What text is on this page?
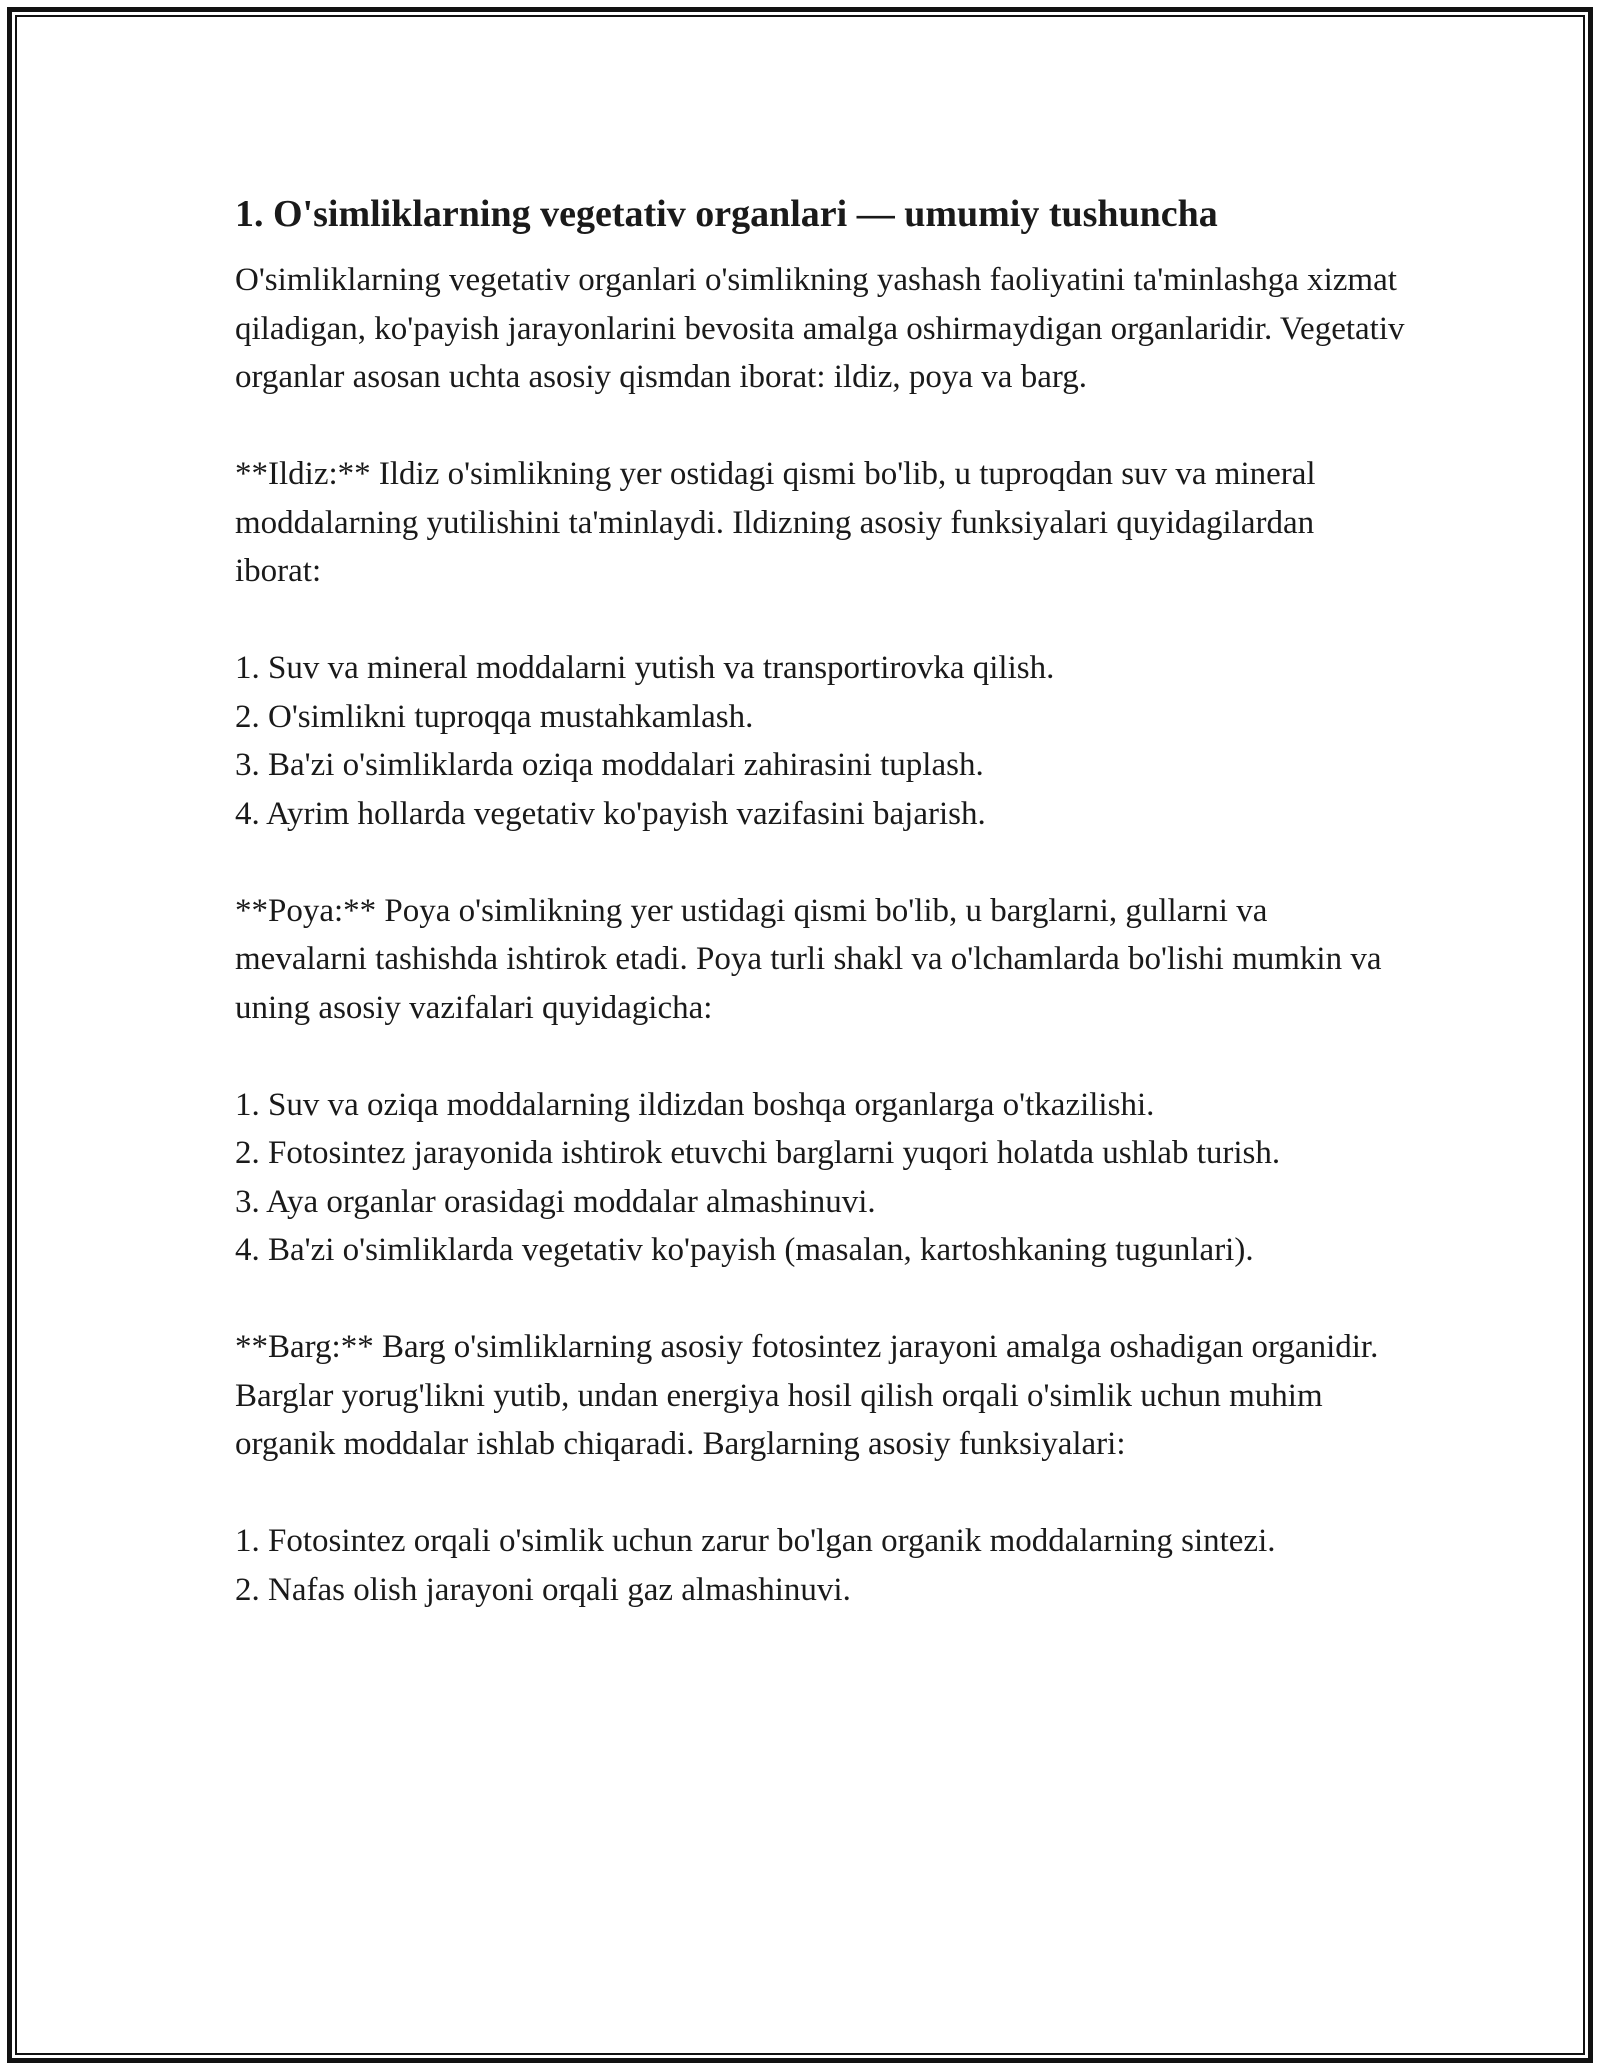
1. O'simliklarning vegetativ organlari — umumiy tushuncha

O'simliklarning vegetativ organlari o'simlikning yashash faoliyatini ta'minlashga xizmat qiladigan, ko'payish jarayonlarini bevosita amalga oshirmaydigan organlaridir. Vegetativ organlar asosan uchta asosiy qismdan iborat: ildiz, poya va barg.

**Ildiz:** Ildiz o'simlikning yer ostidagi qismi bo'lib, u tuproqdan suv va mineral moddalarning yutilishini ta'minlaydi. Ildizning asosiy funksiyalari quyidagilardan iborat:

1. Suv va mineral moddalarni yutish va transportirovka qilish.

2. O'simlikni tuproqqa mustahkamlash.

3. Ba'zi o'simliklarda oziqa moddalari zahirasini tuplash.

4. Ayrim hollarda vegetativ ko'payish vazifasini bajarish.

**Poya:** Poya o'simlikning yer ustidagi qismi bo'lib, u barglarni, gullarni va mevalarni tashishda ishtirok etadi. Poya turli shakl va o'lchamlarda bo'lishi mumkin va uning asosiy vazifalari quyidagicha:

1. Suv va oziqa moddalarning ildizdan boshqa organlarga o'tkazilishi.

2. Fotosintez jarayonida ishtirok etuvchi barglarni yuqori holatda ushlab turish.

3. Aya organlar orasidagi moddalar almashinuvi.

4. Ba'zi o'simliklarda vegetativ ko'payish (masalan, kartoshkaning tugunlari).

**Barg:** Barg o'simliklarning asosiy fotosintez jarayoni amalga oshadigan organidir. Barglar yorug'likni yutib, undan energiya hosil qilish orqali o'simlik uchun muhim organik moddalar ishlab chiqaradi. Barglarning asosiy funksiyalari:

1. Fotosintez orqali o'simlik uchun zarur bo'lgan organik moddalarning sintezi.

2. Nafas olish jarayoni orqali gaz almashinuvi.
